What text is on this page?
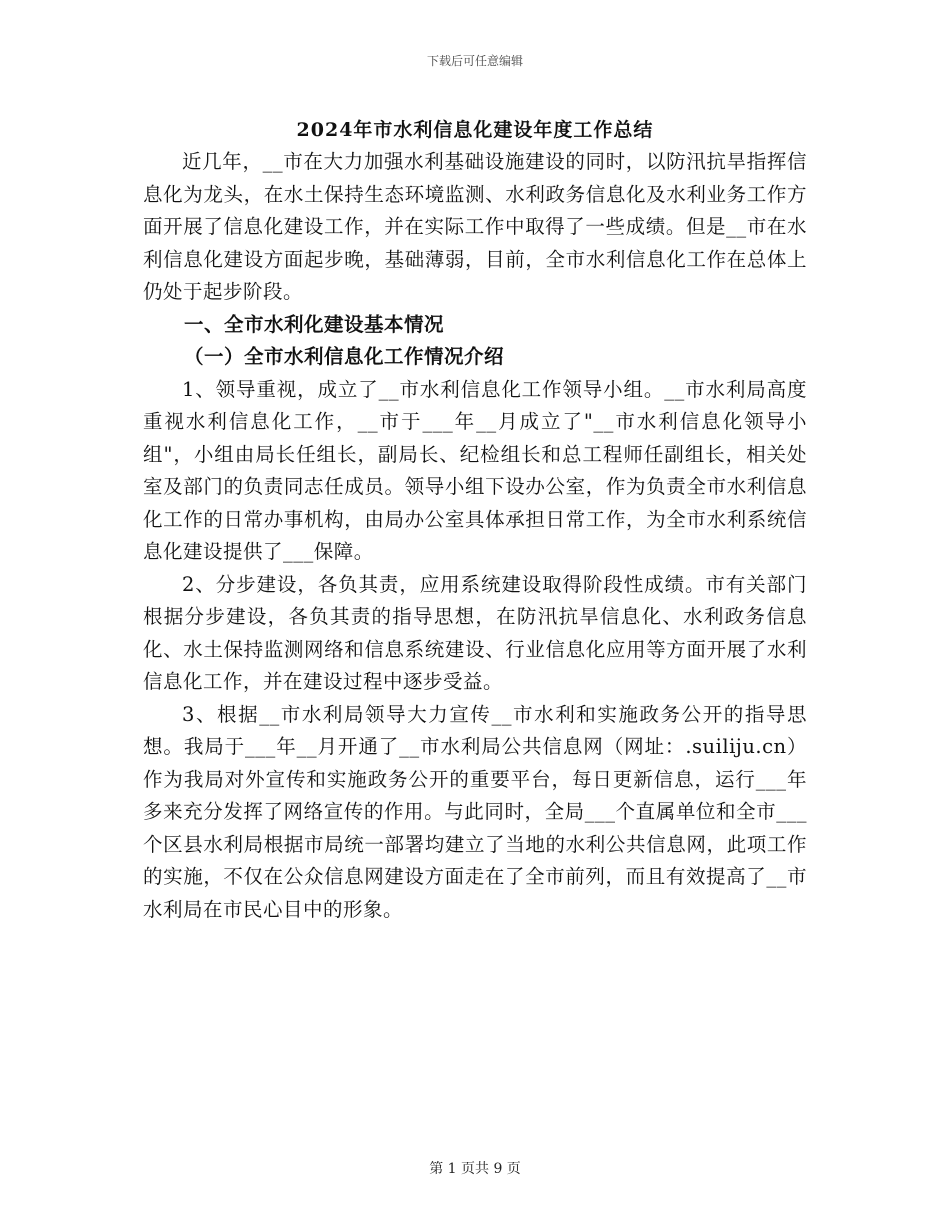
下载后可任意编辑
2024年市水利信息化建设年度工作总结

近几年，__市在大力加强水利基础设施建设的同时，以防汛抗旱指挥信息化为龙头，在水土保持生态环境监测、水利政务信息化及水利业务工作方面开展了信息化建设工作，并在实际工作中取得了一些成绩。但是__市在水利信息化建设方面起步晚，基础薄弱，目前，全市水利信息化工作在总体上仍处于起步阶段。

一、全市水利化建设基本情况

（一）全市水利信息化工作情况介绍

1、领导重视，成立了__市水利信息化工作领导小组。__市水利局高度重视水利信息化工作，__市于___年__月成立了"__市水利信息化领导小组"，小组由局长任组长，副局长、纪检组长和总工程师任副组长，相关处室及部门的负责同志任成员。领导小组下设办公室，作为负责全市水利信息化工作的日常办事机构，由局办公室具体承担日常工作，为全市水利系统信息化建设提供了___保障。

2、分步建设，各负其责，应用系统建设取得阶段性成绩。市有关部门根据分步建设，各负其责的指导思想，在防汛抗旱信息化、水利政务信息化、水土保持监测网络和信息系统建设、行业信息化应用等方面开展了水利信息化工作，并在建设过程中逐步受益。

3、根据__市水利局领导大力宣传__市水利和实施政务公开的指导思想。我局于___年__月开通了__市水利局公共信息网（网址：.suiliju.cn）作为我局对外宣传和实施政务公开的重要平台，每日更新信息，运行___年多来充分发挥了网络宣传的作用。与此同时，全局___个直属单位和全市___个区县水利局根据市局统一部署均建立了当地的水利公共信息网，此项工作的实施，不仅在公众信息网建设方面走在了全市前列，而且有效提高了__市水利局在市民心目中的形象。

第 1 页共 9 页
